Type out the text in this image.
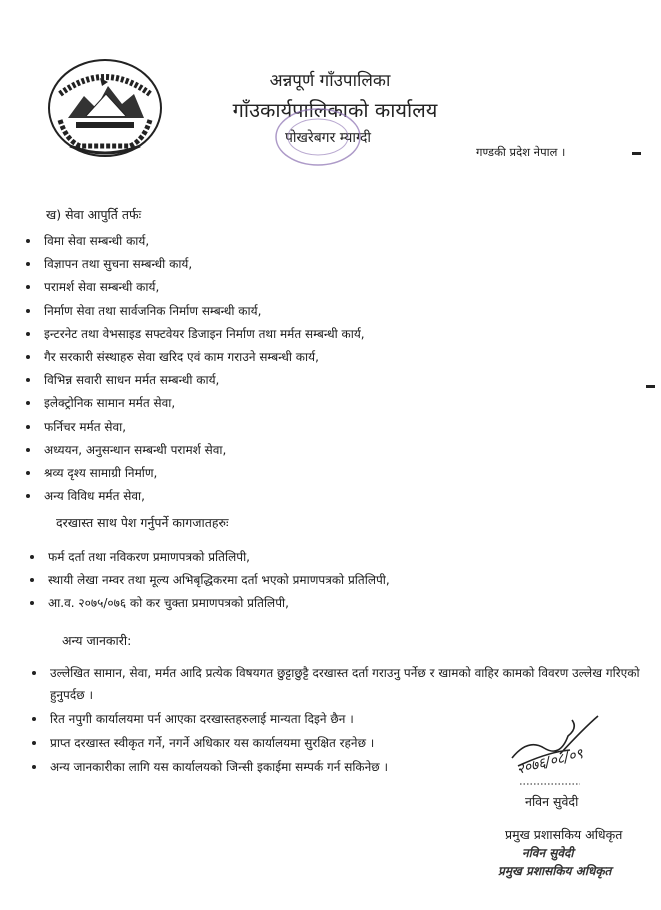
अन्नपूर्ण गाँउपालिका
गाँउकार्यपालिकाको कार्यालय
पोखरेबगर म्याग्दी
गण्डकी प्रदेश नेपाल ।
ख) सेवा आपुर्ति तर्फः
विमा सेवा सम्बन्धी कार्य,
विज्ञापन तथा सुचना सम्बन्धी कार्य,
परामर्श सेवा सम्बन्धी कार्य,
निर्माण सेवा तथा सार्वजनिक निर्माण सम्बन्धी कार्य,
इन्टरनेट तथा वेभसाइड सफ्टवेयर डिजाइन निर्माण तथा मर्मत सम्बन्धी कार्य,
गैर सरकारी संस्थाहरु सेवा खरिद एवं काम गराउने सम्बन्धी कार्य,
विभिन्न सवारी साधन मर्मत सम्बन्धी कार्य,
इलेक्ट्रोनिक सामान मर्मत सेवा,
फर्निचर मर्मत सेवा,
अध्ययन, अनुसन्धान सम्बन्धी परामर्श सेवा,
श्रव्य दृश्य सामाग्री निर्माण,
अन्य विविध मर्मत सेवा,
दरखास्त साथ पेश गर्नुपर्ने कागजातहरुः
फर्म दर्ता तथा नविकरण प्रमाणपत्रको प्रतिलिपी,
स्थायी लेखा नम्वर तथा मूल्य अभिबृद्धिकरमा दर्ता भएको प्रमाणपत्रको प्रतिलिपी,
आ.व. २०७५/०७६ को कर चुक्ता प्रमाणपत्रको प्रतिलिपी,
अन्य जानकारी:
उल्लेखित सामान, सेवा, मर्मत आदि प्रत्येक विषयगत छुट्टाछुट्टै दरखास्त दर्ता गराउनु पर्नेछ र खामको वाहिर कामको विवरण उल्लेख गरिएको हुनुपर्दछ ।
रित नपुगी कार्यालयमा पर्न आएका दरखास्तहरुलाई मान्यता दिइने छैन ।
प्राप्त दरखास्त स्वीकृत गर्ने, नगर्ने अधिकार यस कार्यालयमा सुरक्षित रहनेछ ।
अन्य जानकारीका लागि यस कार्यालयको जिन्सी इकाईमा सम्पर्क गर्न सकिनेछ ।	२०७६/०८/०९
नविन सुवेदी
प्रमुख प्रशासकिय अधिकृत
नविन सुवेदी
प्रमुख प्रशासकिय अधिकृत
